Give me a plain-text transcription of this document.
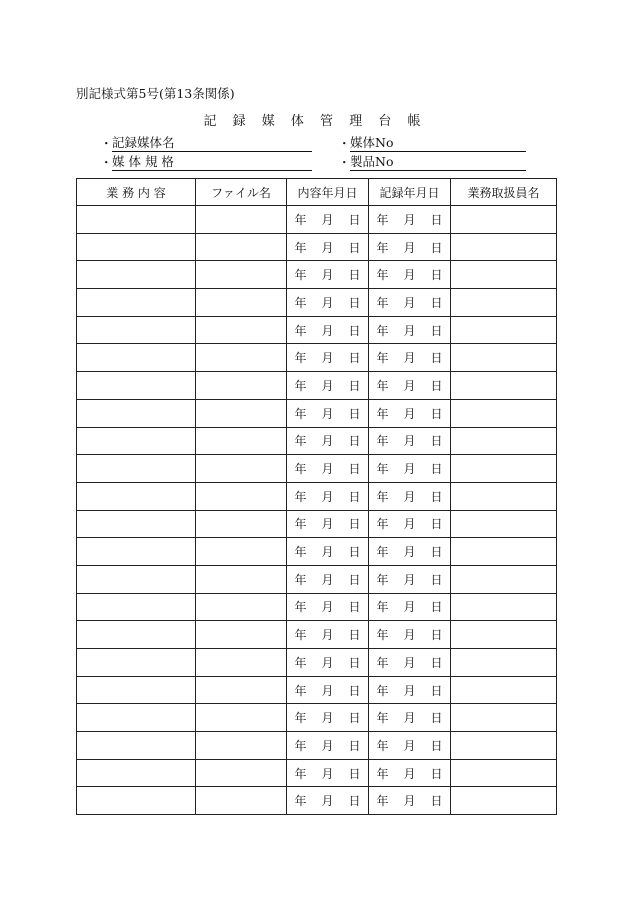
別記様式第5号(第13条関係)
記 録 媒 体 管 理 台 帳
・ 記録媒体名	・ 媒体No
・ 媒 体 規 格	・ 製品No
業 務 内 容	ファイル名	内容年月日	記録年月日	業務取扱員名
		年 月 日	年 月 日	
		年 月 日	年 月 日	
		年 月 日	年 月 日	
		年 月 日	年 月 日	
		年 月 日	年 月 日	
		年 月 日	年 月 日	
		年 月 日	年 月 日	
		年 月 日	年 月 日	
		年 月 日	年 月 日	
		年 月 日	年 月 日	
		年 月 日	年 月 日	
		年 月 日	年 月 日	
		年 月 日	年 月 日	
		年 月 日	年 月 日	
		年 月 日	年 月 日	
		年 月 日	年 月 日	
		年 月 日	年 月 日	
		年 月 日	年 月 日	
		年 月 日	年 月 日	
		年 月 日	年 月 日	
		年 月 日	年 月 日	
		年 月 日	年 月 日	
